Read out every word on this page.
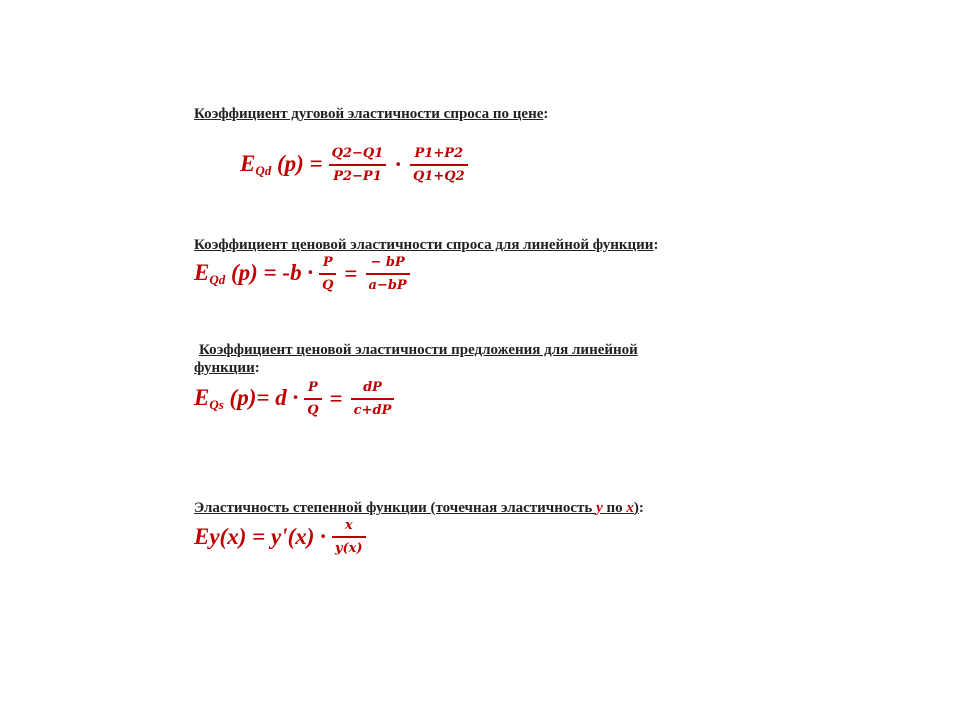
Коэффициент дуговой эластичности спроса по цене:
$E_{Qd}$ $(p) = \frac{Q2-Q1}{P2-P1} \cdot \frac{P1+P2}{Q1+Q2}$
Коэффициент ценовой эластичности спроса для линейной функции:
$E_{Qd}$ $(p) = -b \cdot \frac{P}{Q} = \frac{- bP}{a-bP}$
Коэффициент ценовой эластичности предложения для линейной
функции:
$E_{Qs}$ $(p)= d \cdot \frac{P}{Q} = \frac{dP}{c+dP}$
Эластичность степенной функции (точечная эластичность y по x):
$Ey(x) = y'(x) \cdot \frac{x}{y(x)}$
